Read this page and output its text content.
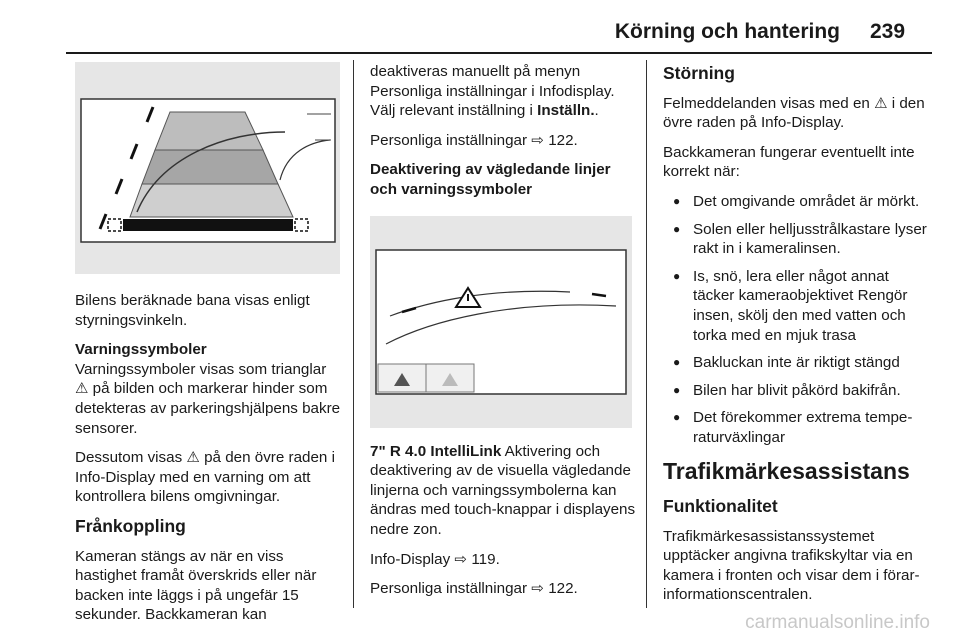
Körning och hantering 239

Bilens beräknade bana visas enligt styrningsvinkeln.

Varningssymboler

Varningssymboler visas som trianglar ⚠ på bilden och markerar hinder som detekteras av parkeringshjälpens bakre sensorer.

Dessutom visas ⚠ på den övre raden i Info-Display med en varning om att kontrollera bilens omgivningar.

Frånkoppling

Kameran stängs av när en viss hastighet framåt överskrids eller när backen inte läggs i på ungefär 15 sekunder. Backkameran kan

deaktiveras manuellt på menyn Personliga inställningar i Infodisplay. Välj relevant inställning i Inställn..

Personliga inställningar ⇨ 122.

Deaktivering av vägledande linjer och varningssymboler

7" R 4.0 IntelliLink Aktivering och deaktivering av de visuella vägledande linjerna och varningssymbolerna kan ändras med touch-knappar i displayens nedre zon.

Info-Display ⇨ 119.

Personliga inställningar ⇨ 122.

Störning

Felmeddelanden visas med en ⚠ i den övre raden på Info-Display.

Backkameran fungerar eventuellt inte korrekt när:

● Det omgivande området är mörkt.
● Solen eller helljusstrålkastare lyser rakt in i kameralinsen.
● Is, snö, lera eller något annat täcker kameraobjektivet Rengör insen, skölj den med vatten och torka med en mjuk trasa
● Bakluckan inte är riktigt stängd
● Bilen har blivit påkörd bakifrån.
● Det förekommer extrema temperaturväxlingar

Trafikmärkesassistans

Funktionalitet

Trafikmärkesassistanssystemet upptäcker angivna trafikskyltar via en kamera i fronten och visar dem i förarinformationscentralen.

carmanualsonline.info
